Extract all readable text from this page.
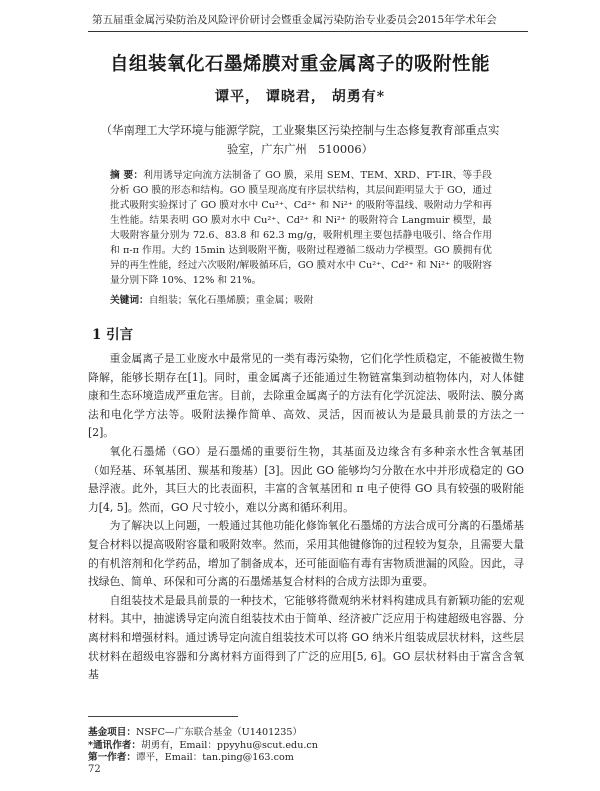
第五届重金属污染防治及风险评价研讨会暨重金属污染防治专业委员会2015年学术年会
自组装氧化石墨烯膜对重金属离子的吸附性能
谭平， 谭晓君， 胡勇有*
（华南理工大学环境与能源学院，工业聚集区污染控制与生态修复教育部重点实验室，广东广州　510006）
摘 要：利用诱导定向流方法制备了 GO 膜，采用 SEM、TEM、XRD、FT-IR、等手段分析 GO 膜的形态和结构。GO 膜呈现高度有序层状结构，其层间距明显大于 GO，通过批式吸附实验探讨了 GO 膜对水中 Cu²⁺、Cd²⁺ 和 Ni²⁺ 的吸附等温线、吸附动力学和再生性能。结果表明 GO 膜对水中 Cu²⁺、Cd²⁺ 和 Ni²⁺ 的吸附符合 Langmuir 模型，最大吸附容量分别为 72.6、83.8 和 62.3 mg/g，吸附机理主要包括静电吸引、络合作用和 π-π 作用。大约 15min 达到吸附平衡，吸附过程遵循二级动力学模型。GO 膜拥有优异的再生性能，经过六次吸附/解吸循环后，GO 膜对水中 Cu²⁺、Cd²⁺ 和 Ni²⁺ 的吸附容量分别下降 10%、12% 和 21%。
关键词：自组装；氧化石墨烯膜；重金属；吸附
1 引言

重金属离子是工业废水中最常见的一类有毒污染物，它们化学性质稳定，不能被微生物降解，能够长期存在[1]。同时，重金属离子还能通过生物链富集到动植物体内，对人体健康和生态环境造成严重危害。目前，去除重金属离子的方法有化学沉淀法、吸附法、膜分离法和电化学方法等。吸附法操作简单、高效、灵活，因而被认为是最具前景的方法之一[2]。

氧化石墨烯（GO）是石墨烯的重要衍生物，其基面及边缘含有多种亲水性含氧基团（如羟基、环氧基团、羰基和羧基）[3]。因此 GO 能够均匀分散在水中并形成稳定的 GO 悬浮液。此外，其巨大的比表面积，丰富的含氧基团和 π 电子使得 GO 具有较强的吸附能力[4, 5]。然而，GO 尺寸较小，难以分离和循环利用。

为了解决以上问题，一般通过其他功能化修饰氧化石墨烯的方法合成可分离的石墨烯基复合材料以提高吸附容量和吸附效率。然而，采用其他键修饰的过程较为复杂，且需要大量的有机溶剂和化学药品，增加了制备成本，还可能面临有毒有害物质泄漏的风险。因此，寻找绿色、简单、环保和可分离的石墨烯基复合材料的合成方法即为重要。

自组装技术是最具前景的一种技术，它能够将微观纳米材料构建成具有新颖功能的宏观材料。其中，抽滤诱导定向流自组装技术由于简单、经济被广泛应用于构建超级电容器、分离材料和增强材料。通过诱导定向流自组装技术可以将 GO 纳米片组装成层状材料，这些层状材料在超级电容器和分离材料方面得到了广泛的应用[5, 6]。GO 层状材料由于富含含氧基

基金项目：NSFC—广东联合基金（U1401235）
*通讯作者：胡勇有，Email：ppyyhu@scut.edu.cn
第一作者：谭平，Email：tan.ping@163.com
72
